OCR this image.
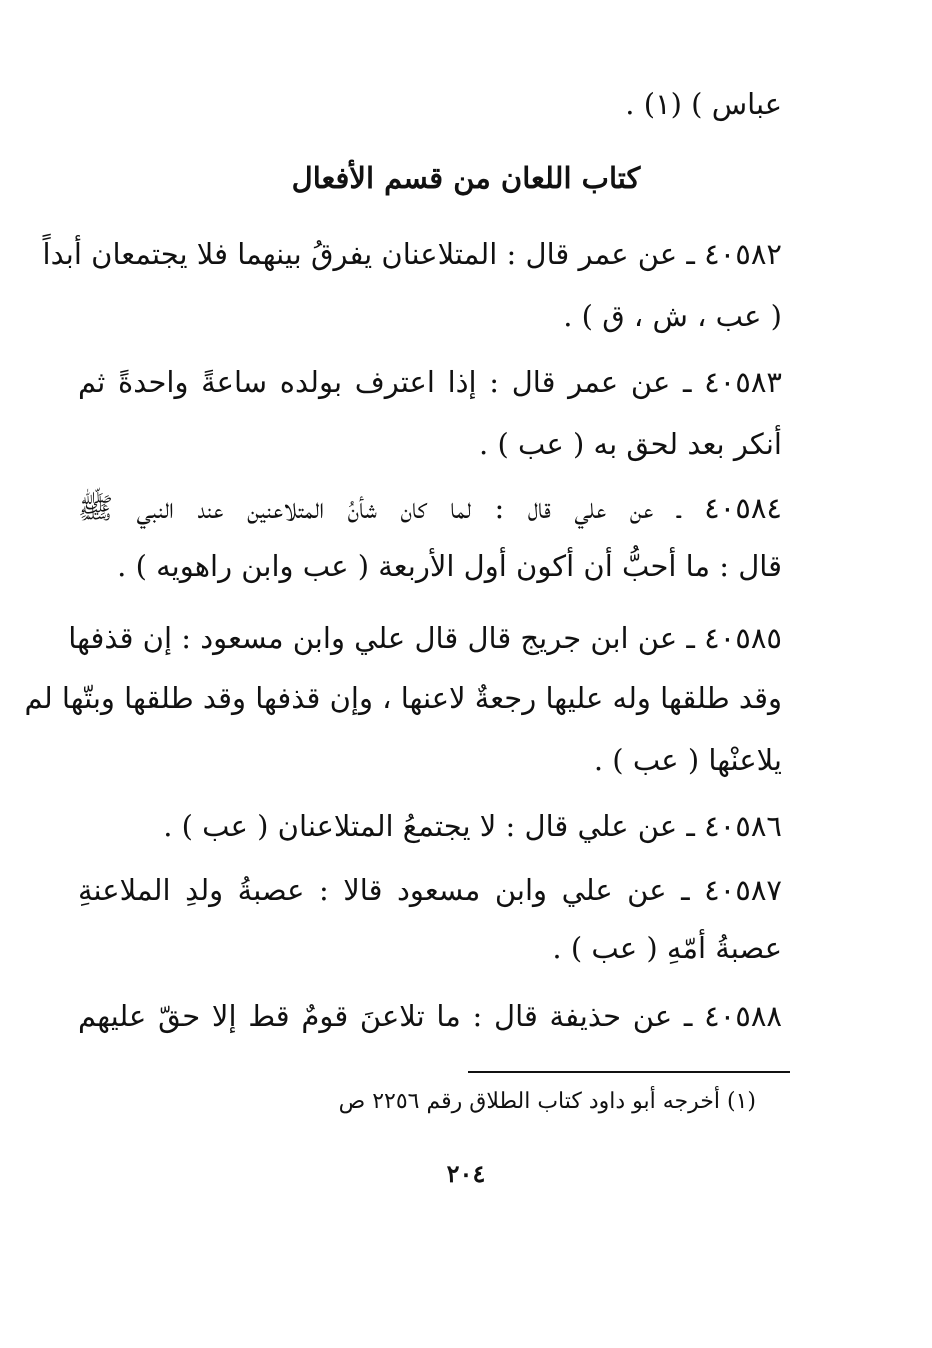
عباس ) (١) .
كتاب اللعان من قسم الأفعال
٤٠٥٨٢ ـ عن عمر قال : المتلاعنان يفرقُ بينهما فلا يجتمعان أبداً
( عب ، ش ، ق ) .
٤٠٥٨٣ ـ عن عمر قال : إذا اعترف بولده ساعةً واحدةً ثم
أنكر بعد لحق به ( عب ) .
٤٠٥٨٤ ـ عن علي قال : لما كان شأنُ المتلاعنين عند النبي ﷺ
قال : ما أحبُّ أن أكون أول الأربعة ( عب وابن راهويه ) .
٤٠٥٨٥ ـ عن ابن جريج قال قال علي وابن مسعود : إن قذفها
وقد طلقها وله عليها رجعةٌ لاعنها ، وإن قذفها وقد طلقها وبتّها لم
يلاعنْها ( عب ) .
٤٠٥٨٦ ـ عن علي قال : لا يجتمعُ المتلاعنان ( عب ) .
٤٠٥٨٧ ـ عن علي وابن مسعود قالا : عصبةُ ولدِ الملاعنةِ
عصبةُ أمّهِ ( عب ) .
٤٠٥٨٨ ـ عن حذيفة قال : ما تلاعنَ قومٌ قط إلا حقّ عليهم
(١) أخرجه أبو داود كتاب الطلاق رقم ٢٢٥٦ ص
٢٠٤
